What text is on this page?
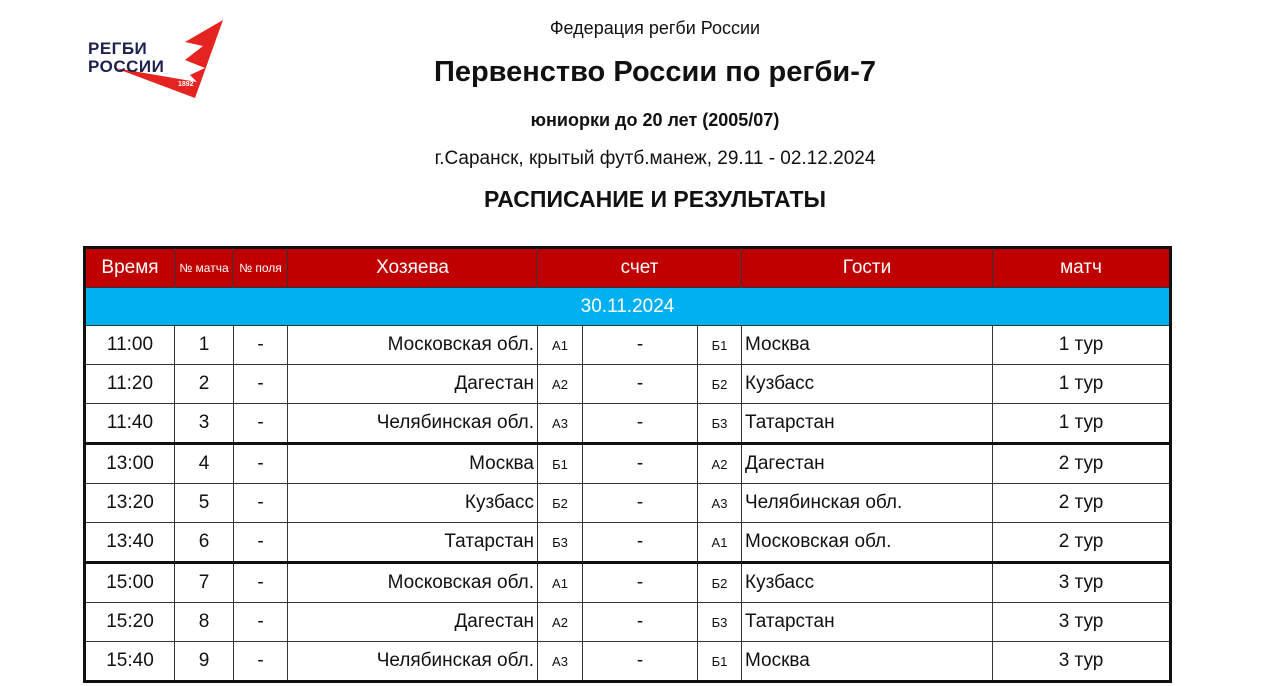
РЕГБИ
РОССИИ
1892
Федерация регби России
Первенство России по регби-7
юниорки до 20 лет (2005/07)
г.Саранск, крытый футб.манеж, 29.11 - 02.12.2024
РАСПИСАНИЕ И РЕЗУЛЬТАТЫ
Время	№ матча	№ поля	Хозяева	счет			Гости	матч
30.11.2024								
11:00	1	-	Московская обл.	А1	-	Б1	Москва	1 тур
11:20	2	-	Дагестан	А2	-	Б2	Кузбасс	1 тур
11:40	3	-	Челябинская обл.	А3	-	Б3	Татарстан	1 тур
13:00	4	-	Москва	Б1	-	А2	Дагестан	2 тур
13:20	5	-	Кузбасс	Б2	-	А3	Челябинская обл.	2 тур
13:40	6	-	Татарстан	Б3	-	А1	Московская обл.	2 тур
15:00	7	-	Московская обл.	А1	-	Б2	Кузбасс	3 тур
15:20	8	-	Дагестан	А2	-	Б3	Татарстан	3 тур
15:40	9	-	Челябинская обл.	А3	-	Б1	Москва	3 тур
